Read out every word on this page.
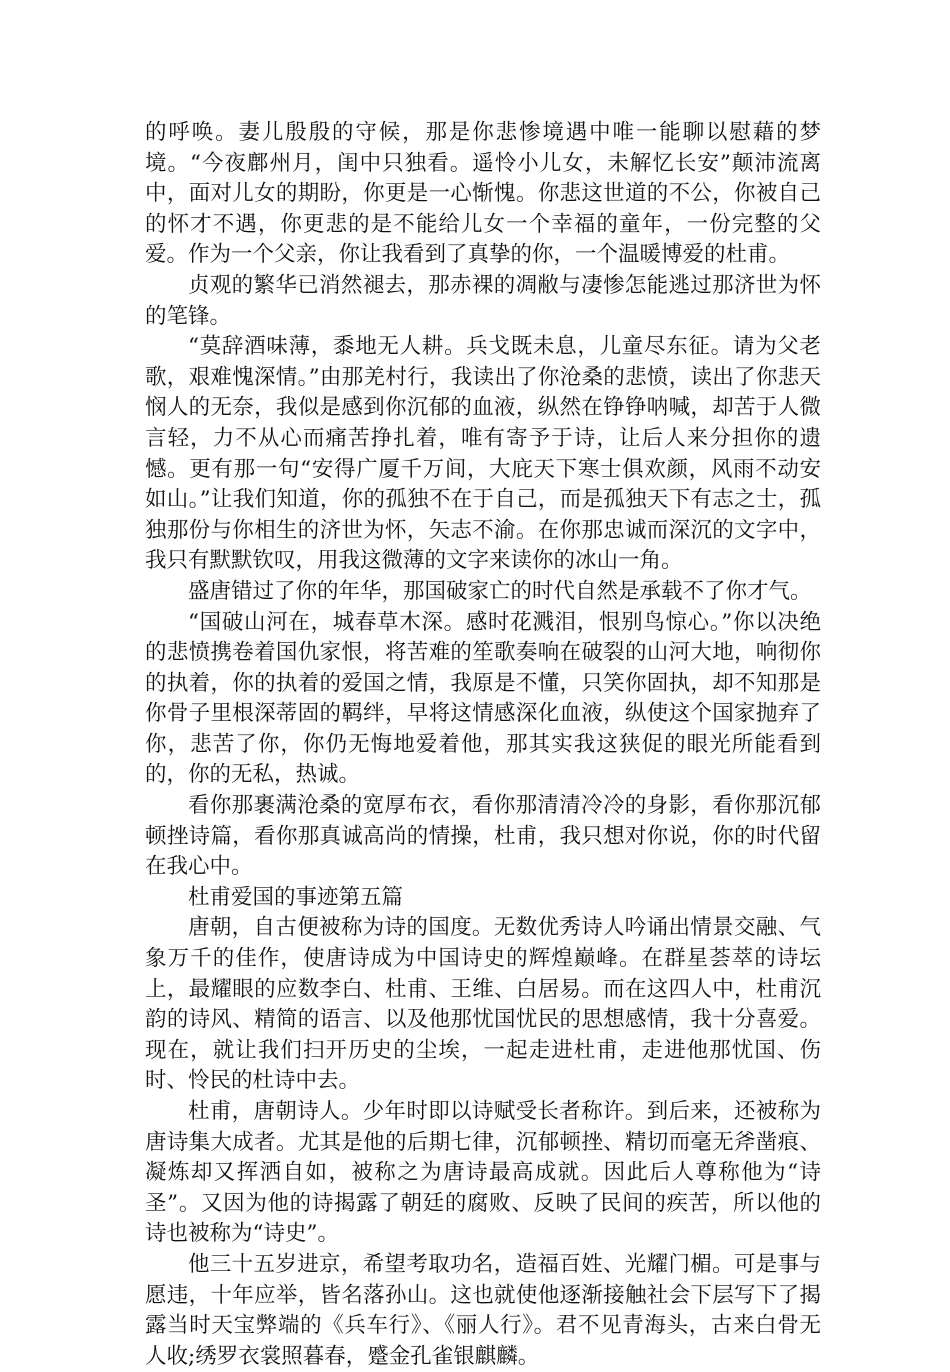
的呼唤。妻儿殷殷的守候，那是你悲惨境遇中唯一能聊以慰藉的梦境。“今夜鄜州月，闺中只独看。遥怜小儿女，未解忆长安”颠沛流离中，面对儿女的期盼，你更是一心惭愧。你悲这世道的不公，你被自己的怀才不遇，你更悲的是不能给儿女一个幸福的童年，一份完整的父爱。作为一个父亲，你让我看到了真挚的你，一个温暖博爱的杜甫。

贞观的繁华已消然褪去，那赤裸的凋敝与凄惨怎能逃过那济世为怀的笔锋。

“莫辞酒味薄，黍地无人耕。兵戈既未息，儿童尽东征。请为父老歌，艰难愧深情。”由那羌村行，我读出了你沧桑的悲愤，读出了你悲天悯人的无奈，我似是感到你沉郁的血液，纵然在铮铮呐喊，却苦于人微言轻，力不从心而痛苦挣扎着，唯有寄予于诗，让后人来分担你的遗憾。更有那一句“安得广厦千万间，大庇天下寒士俱欢颜，风雨不动安如山。”让我们知道，你的孤独不在于自己，而是孤独天下有志之士，孤独那份与你相生的济世为怀，矢志不渝。在你那忠诚而深沉的文字中，我只有默默钦叹，用我这微薄的文字来读你的冰山一角。

盛唐错过了你的年华，那国破家亡的时代自然是承载不了你才气。

“国破山河在，城春草木深。感时花溅泪，恨别鸟惊心。”你以决绝的悲愤携卷着国仇家恨，将苦难的笙歌奏响在破裂的山河大地，响彻你的执着，你的执着的爱国之情，我原是不懂，只笑你固执，却不知那是你骨子里根深蒂固的羁绊，早将这情感深化血液，纵使这个国家抛弃了你，悲苦了你，你仍无悔地爱着他，那其实我这狭促的眼光所能看到的，你的无私，热诚。

看你那裹满沧桑的宽厚布衣，看你那清清冷冷的身影，看你那沉郁顿挫诗篇，看你那真诚高尚的情操，杜甫，我只想对你说，你的时代留在我心中。

杜甫爱国的事迹第五篇

唐朝，自古便被称为诗的国度。无数优秀诗人吟诵出情景交融、气象万千的佳作，使唐诗成为中国诗史的辉煌巅峰。在群星荟萃的诗坛上，最耀眼的应数李白、杜甫、王维、白居易。而在这四人中，杜甫沉韵的诗风、精简的语言、以及他那忧国忧民的思想感情，我十分喜爱。现在，就让我们扫开历史的尘埃，一起走进杜甫，走进他那忧国、伤时、怜民的杜诗中去。

杜甫，唐朝诗人。少年时即以诗赋受长者称许。到后来，还被称为唐诗集大成者。尤其是他的后期七律，沉郁顿挫、精切而毫无斧凿痕、凝炼却又挥洒自如，被称之为唐诗最高成就。因此后人尊称他为“诗圣”。又因为他的诗揭露了朝廷的腐败、反映了民间的疾苦，所以他的诗也被称为“诗史”。

他三十五岁进京，希望考取功名，造福百姓、光耀门楣。可是事与愿违，十年应举，皆名落孙山。这也就使他逐渐接触社会下层写下了揭露当时天宝弊端的《兵车行》、《丽人行》。君不见青海头，古来白骨无人收;绣罗衣裳照暮春，蹙金孔雀银麒麟。
